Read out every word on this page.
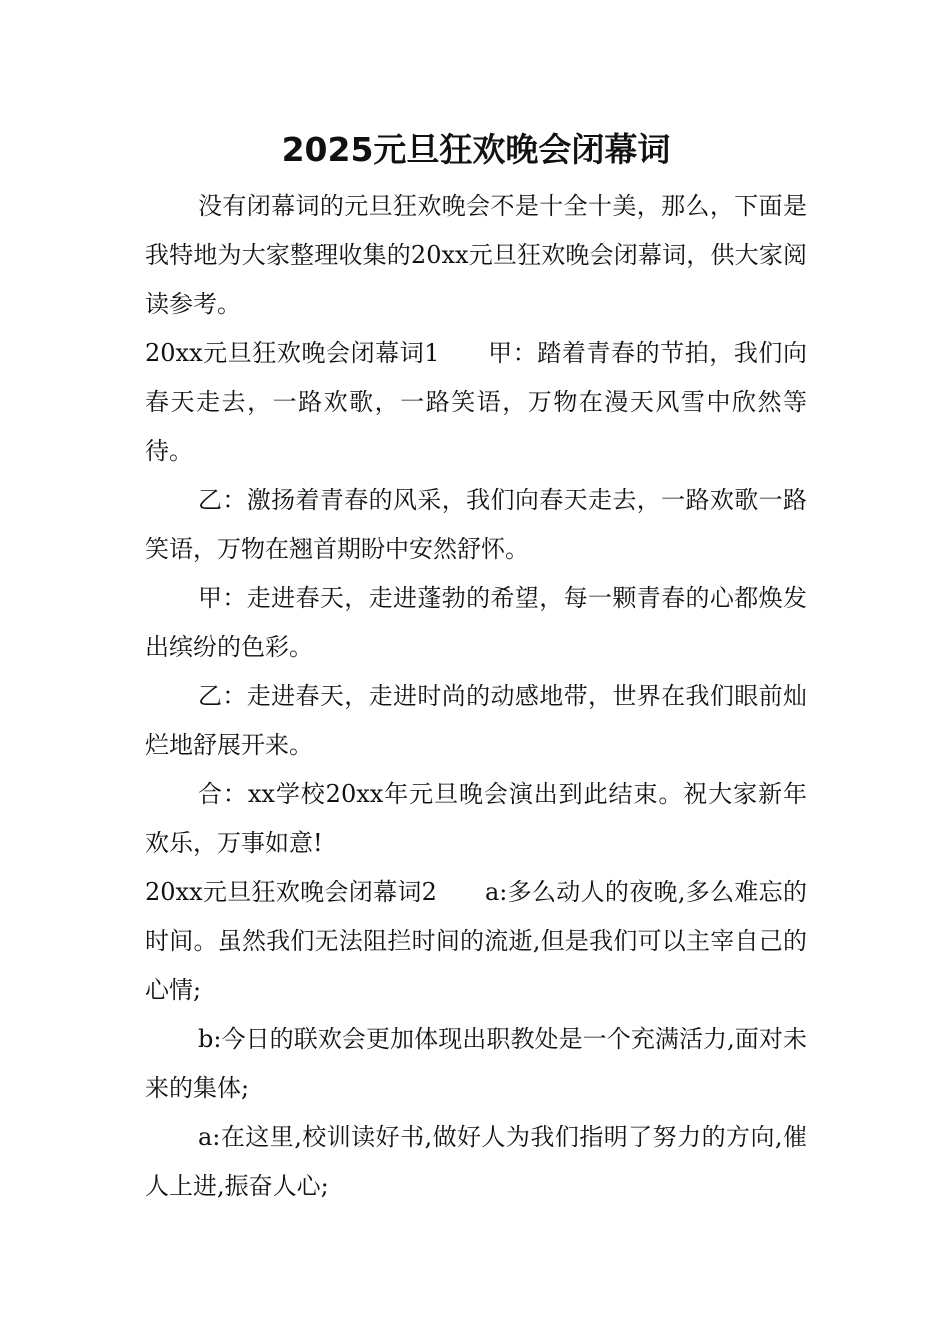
2025元旦狂欢晚会闭幕词

没有闭幕词的元旦狂欢晚会不是十全十美，那么，下面是我特地为大家整理收集的20xx元旦狂欢晚会闭幕词，供大家阅读参考。

20xx元旦狂欢晚会闭幕词1 甲：踏着青春的节拍，我们向春天走去，一路欢歌，一路笑语，万物在漫天风雪中欣然等待。

乙：激扬着青春的风采，我们向春天走去，一路欢歌一路笑语，万物在翘首期盼中安然舒怀。

甲：走进春天，走进蓬勃的希望，每一颗青春的心都焕发出缤纷的色彩。

乙：走进春天，走进时尚的动感地带，世界在我们眼前灿烂地舒展开来。

合：xx学校20xx年元旦晚会演出到此结束。祝大家新年欢乐，万事如意!

20xx元旦狂欢晚会闭幕词2 a:多么动人的夜晚,多么难忘的时间。虽然我们无法阻拦时间的流逝,但是我们可以主宰自己的心情;

b:今日的联欢会更加体现出职教处是一个充满活力,面对未来的集体;

a:在这里,校训读好书,做好人为我们指明了努力的方向,催人上进,振奋人心;
